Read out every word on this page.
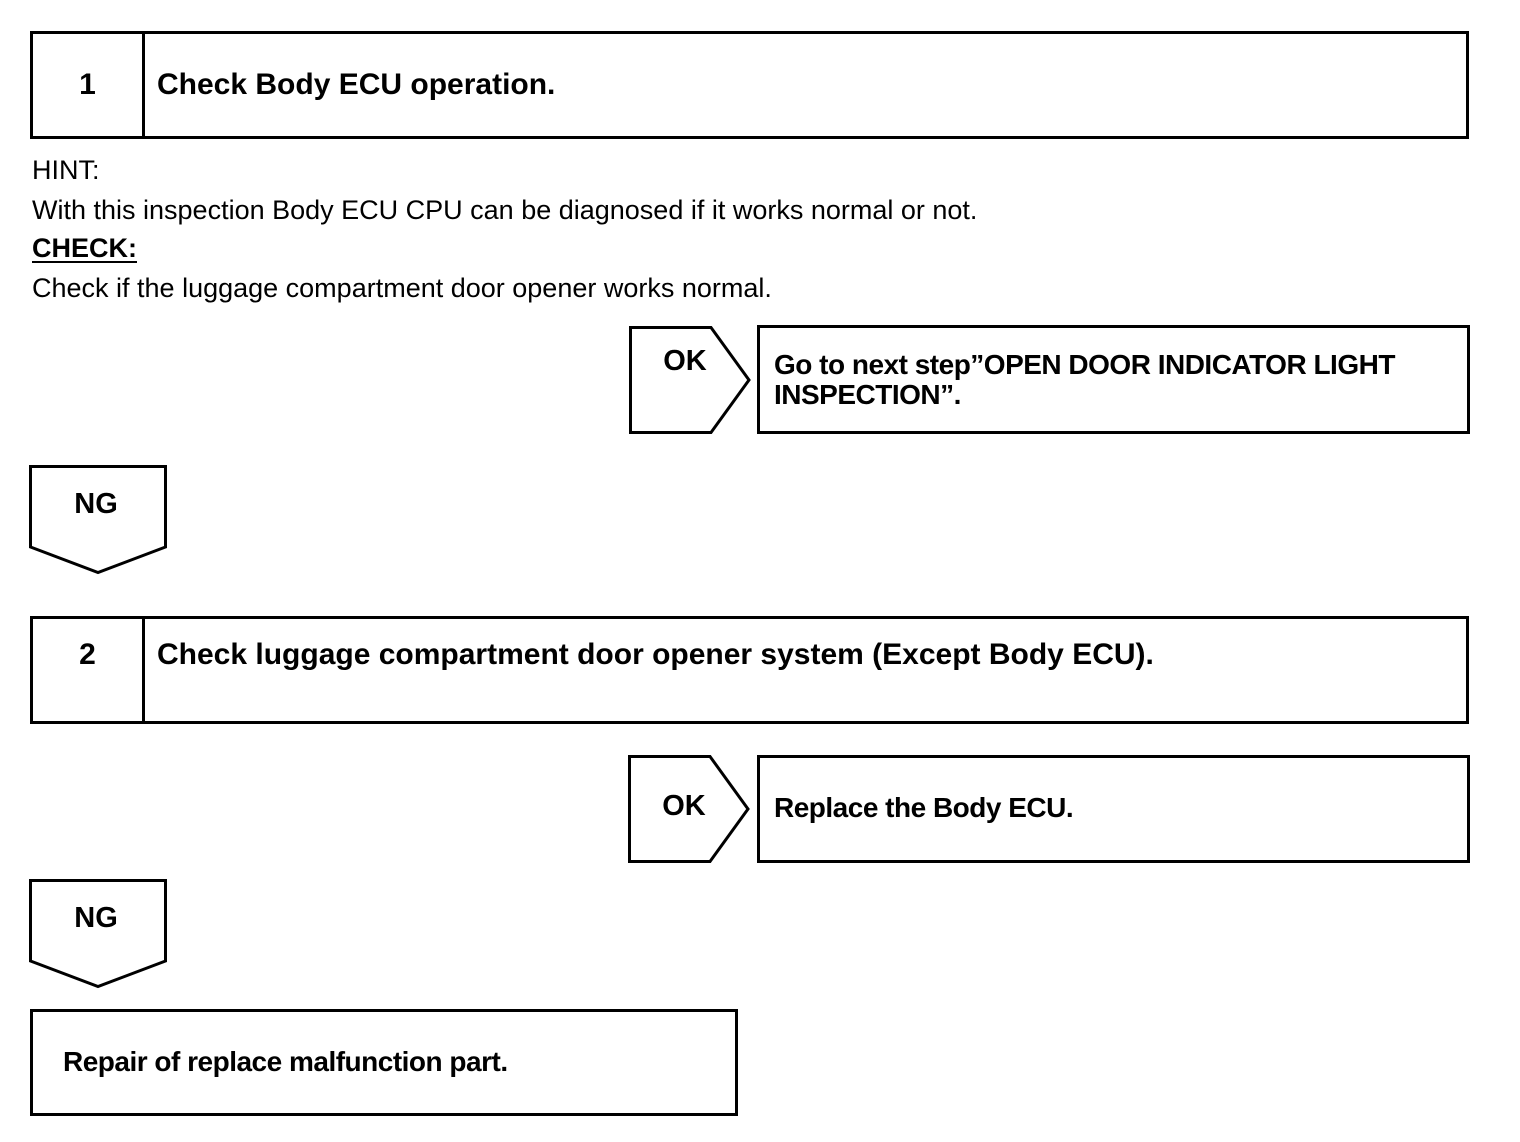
1	Check Body ECU operation.
HINT:
With this inspection Body ECU CPU can be diagnosed if it works normal or not.
CHECK:
Check if the luggage compartment door opener works normal.
OK	Go to next step”OPEN DOOR INDICATOR LIGHT INSPECTION”.
NG
2	Check luggage compartment door opener system (Except Body ECU).
OK	Replace the Body ECU.
NG
Repair of replace malfunction part.
